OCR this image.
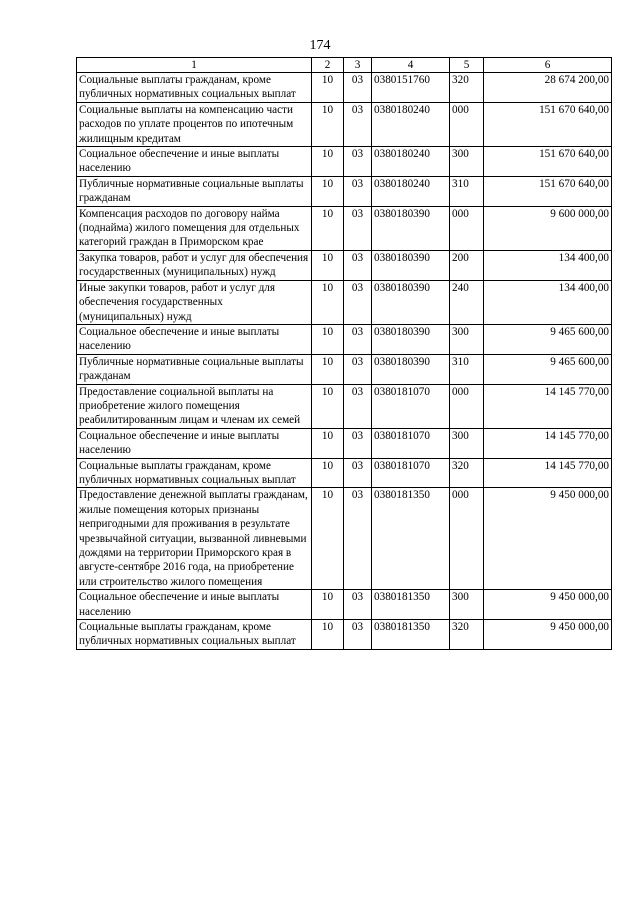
174
1	2	3	4	5	6
Социальные выплаты гражданам, кроме публичных нормативных социальных выплат	10	03	0380151760	320	28 674 200,00
Социальные выплаты на компенсацию части расходов по уплате процентов по ипотечным жилищным кредитам	10	03	0380180240	000	151 670 640,00
Социальное обеспечение и иные выплаты населению	10	03	0380180240	300	151 670 640,00
Публичные нормативные социальные выплаты гражданам	10	03	0380180240	310	151 670 640,00
Компенсация расходов по договору найма (поднайма) жилого помещения для отдельных категорий граждан в Приморском крае	10	03	0380180390	000	9 600 000,00
Закупка товаров, работ и услуг для обеспечения государственных (муниципальных) нужд	10	03	0380180390	200	134 400,00
Иные закупки товаров, работ и услуг для обеспечения государственных (муниципальных) нужд	10	03	0380180390	240	134 400,00
Социальное обеспечение и иные выплаты населению	10	03	0380180390	300	9 465 600,00
Публичные нормативные социальные выплаты гражданам	10	03	0380180390	310	9 465 600,00
Предоставление социальной выплаты на приобретение жилого помещения реабилитированным лицам и членам их семей	10	03	0380181070	000	14 145 770,00
Социальное обеспечение и иные выплаты населению	10	03	0380181070	300	14 145 770,00
Социальные выплаты гражданам, кроме публичных нормативных социальных выплат	10	03	0380181070	320	14 145 770,00
Предоставление денежной выплаты гражданам, жилые помещения которых признаны непригодными для проживания в результате чрезвычайной ситуации, вызванной ливневыми дождями на территории Приморского края в августе-сентябре 2016 года, на приобретение или строительство жилого помещения	10	03	0380181350	000	9 450 000,00
Социальное обеспечение и иные выплаты населению	10	03	0380181350	300	9 450 000,00
Социальные выплаты гражданам, кроме публичных нормативных социальных выплат	10	03	0380181350	320	9 450 000,00
